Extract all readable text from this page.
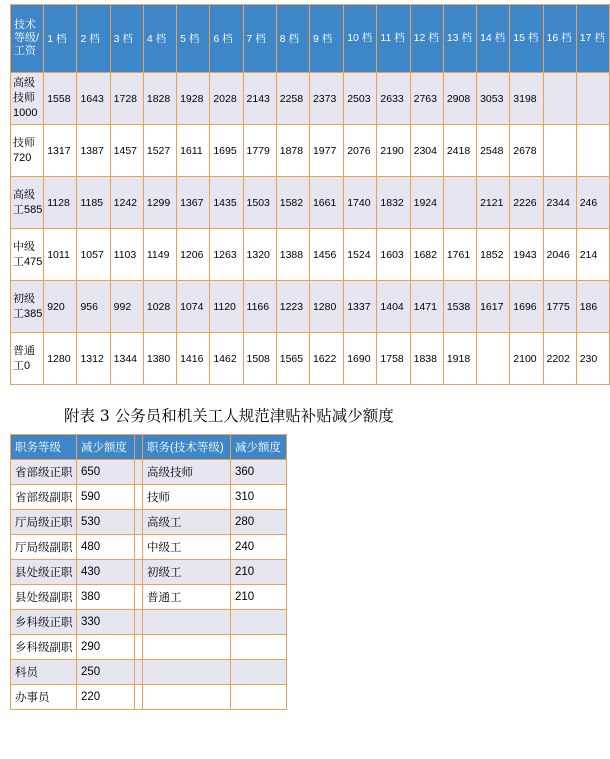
技术等级/工资	1 档	2 档	3 档	4 档	5 档	6 档	7 档	8 档	9 档	10 档	11 档	12 档	13 档	14 档	15 档	16 档	17 档
高级技师1000	1558	1643	1728	1828	1928	2028	2143	2258	2373	2503	2633	2763	2908	3053	3198		
技师720	1317	1387	1457	1527	1611	1695	1779	1878	1977	2076	2190	2304	2418	2548	2678		
高级工585	1128	1185	1242	1299	1367	1435	1503	1582	1661	1740	1832	1924		2121	2226	2344	246
中级工475	1011	1057	1103	1149	1206	1263	1320	1388	1456	1524	1603	1682	1761	1852	1943	2046	214
初级工385	920	956	992	1028	1074	1120	1166	1223	1280	1337	1404	1471	1538	1617	1696	1775	186
普通工0	1280	1312	1344	1380	1416	1462	1508	1565	1622	1690	1758	1838	1918		2100	2202	230
附表 3 公务员和机关工人规范津贴补贴减少额度
职务等级	减少额度		职务(技术等级)	减少额度
省部级正职	650		高级技师	360
省部级副职	590		技师	310
厅局级正职	530		高级工	280
厅局级副职	480		中级工	240
县处级正职	430		初级工	210
县处级副职	380		普通工	210
乡科级正职	330			
乡科级副职	290			
科员	250			
办事员	220			
